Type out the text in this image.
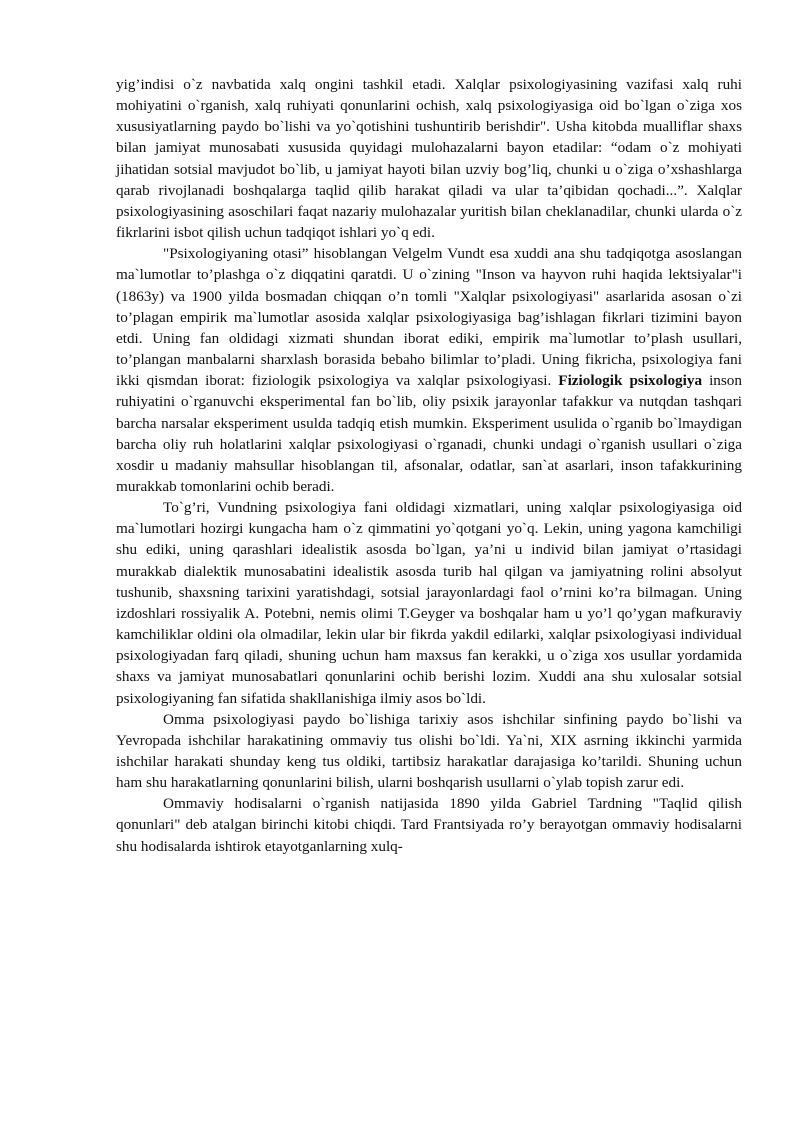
yig’indisi o`z navbatida xalq ongini tashkil etadi. Xalqlar psixologiyasining vazifasi xalq ruhi mohiyatini o`rganish, xalq ruhiyati qonunlarini ochish, xalq psixologiyasiga oid bo`lgan o`ziga xos xususiyatlarning paydo bo`lishi va yo`qotishini tushuntirib berishdir". Usha kitobda mualliflar shaxs bilan jamiyat munosabati xususida quyidagi mulohazalarni bayon etadilar: “odam o`z mohiyati jihatidan sotsial mavjudot bo`lib, u jamiyat hayoti bilan uzviy bog’liq, chunki u o`ziga o’xshashlarga qarab rivojlanadi boshqalarga taqlid qilib harakat qiladi va ular ta’qibidan qochadi...”. Xalqlar psixologiyasining asoschilari faqat nazariy mulohazalar yuritish bilan cheklanadilar, chunki ularda o`z fikrlarini isbot qilish uchun tadqiqot ishlari yo`q edi.

"Psixologiyaning otasi” hisoblangan Velgelm Vundt esa xuddi ana shu tadqiqotga asoslangan ma`lumotlar to’plashga o`z diqqatini qaratdi. U o`zining "Inson va hayvon ruhi haqida lektsiyalar"i (1863y) va 1900 yilda bosmadan chiqqan o’n tomli "Xalqlar psixologiyasi" asarlarida asosan o`zi to’plagan empirik ma`lumotlar asosida xalqlar psixologiyasiga bag’ishlagan fikrlari tizimini bayon etdi. Uning fan oldidagi xizmati shundan iborat ediki, empirik ma`lumotlar to’plash usullari, to’plangan manbalarni sharxlash borasida bebaho bilimlar to’pladi. Uning fikricha, psixologiya fani ikki qismdan iborat: fiziologik psixologiya va xalqlar psixologiyasi. Fiziologik psixologiya inson ruhiyatini o`rganuvchi eksperimental fan bo`lib, oliy psixik jarayonlar tafakkur va nutqdan tashqari barcha narsalar eksperiment usulda tadqiq etish mumkin. Eksperiment usulida o`rganib bo`lmaydigan barcha oliy ruh holatlarini xalqlar psixologiyasi o`rganadi, chunki undagi o`rganish usullari o`ziga xosdir u madaniy mahsullar hisoblangan til, afsonalar, odatlar, san`at asarlari, inson tafakkurining murakkab tomonlarini ochib beradi.

To`g’ri, Vundning psixologiya fani oldidagi xizmatlari, uning xalqlar psixologiyasiga oid ma`lumotlari hozirgi kungacha ham o`z qimmatini yo`qotgani yo`q. Lekin, uning yagona kamchiligi shu ediki, uning qarashlari idealistik asosda bo`lgan, ya’ni u individ bilan jamiyat o’rtasidagi murakkab dialektik munosabatini idealistik asosda turib hal qilgan va jamiyatning rolini absolyut tushunib, shaxsning tarixini yaratishdagi, sotsial jarayonlardagi faol o’rnini ko’ra bilmagan. Uning izdoshlari rossiyalik A. Potebni, nemis olimi T.Geyger va boshqalar ham u yo’l qo’ygan mafkuraviy kamchiliklar oldini ola olmadilar, lekin ular bir fikrda yakdil edilarki, xalqlar psixologiyasi individual psixologiyadan farq qiladi, shuning uchun ham maxsus fan kerakki, u o`ziga xos usullar yordamida shaxs va jamiyat munosabatlari qonunlarini ochib berishi lozim. Xuddi ana shu xulosalar sotsial psixologiyaning fan sifatida shakllanishiga ilmiy asos bo`ldi.

Omma psixologiyasi paydo bo`lishiga tarixiy asos ishchilar sinfining paydo bo`lishi va Yevropada ishchilar harakatining ommaviy tus olishi bo`ldi. Ya`ni, XIX asrning ikkinchi yarmida ishchilar harakati shunday keng tus oldiki, tartibsiz harakatlar darajasiga ko’tarildi. Shuning uchun ham shu harakatlarning qonunlarini bilish, ularni boshqarish usullarni o`ylab topish zarur edi.

Ommaviy hodisalarni o`rganish natijasida 1890 yilda Gabriel Tardning "Taqlid qilish qonunlari" deb atalgan birinchi kitobi chiqdi. Tard Frantsiyada ro’y berayotgan ommaviy hodisalarni shu hodisalarda ishtirok etayotganlarning xulq-
